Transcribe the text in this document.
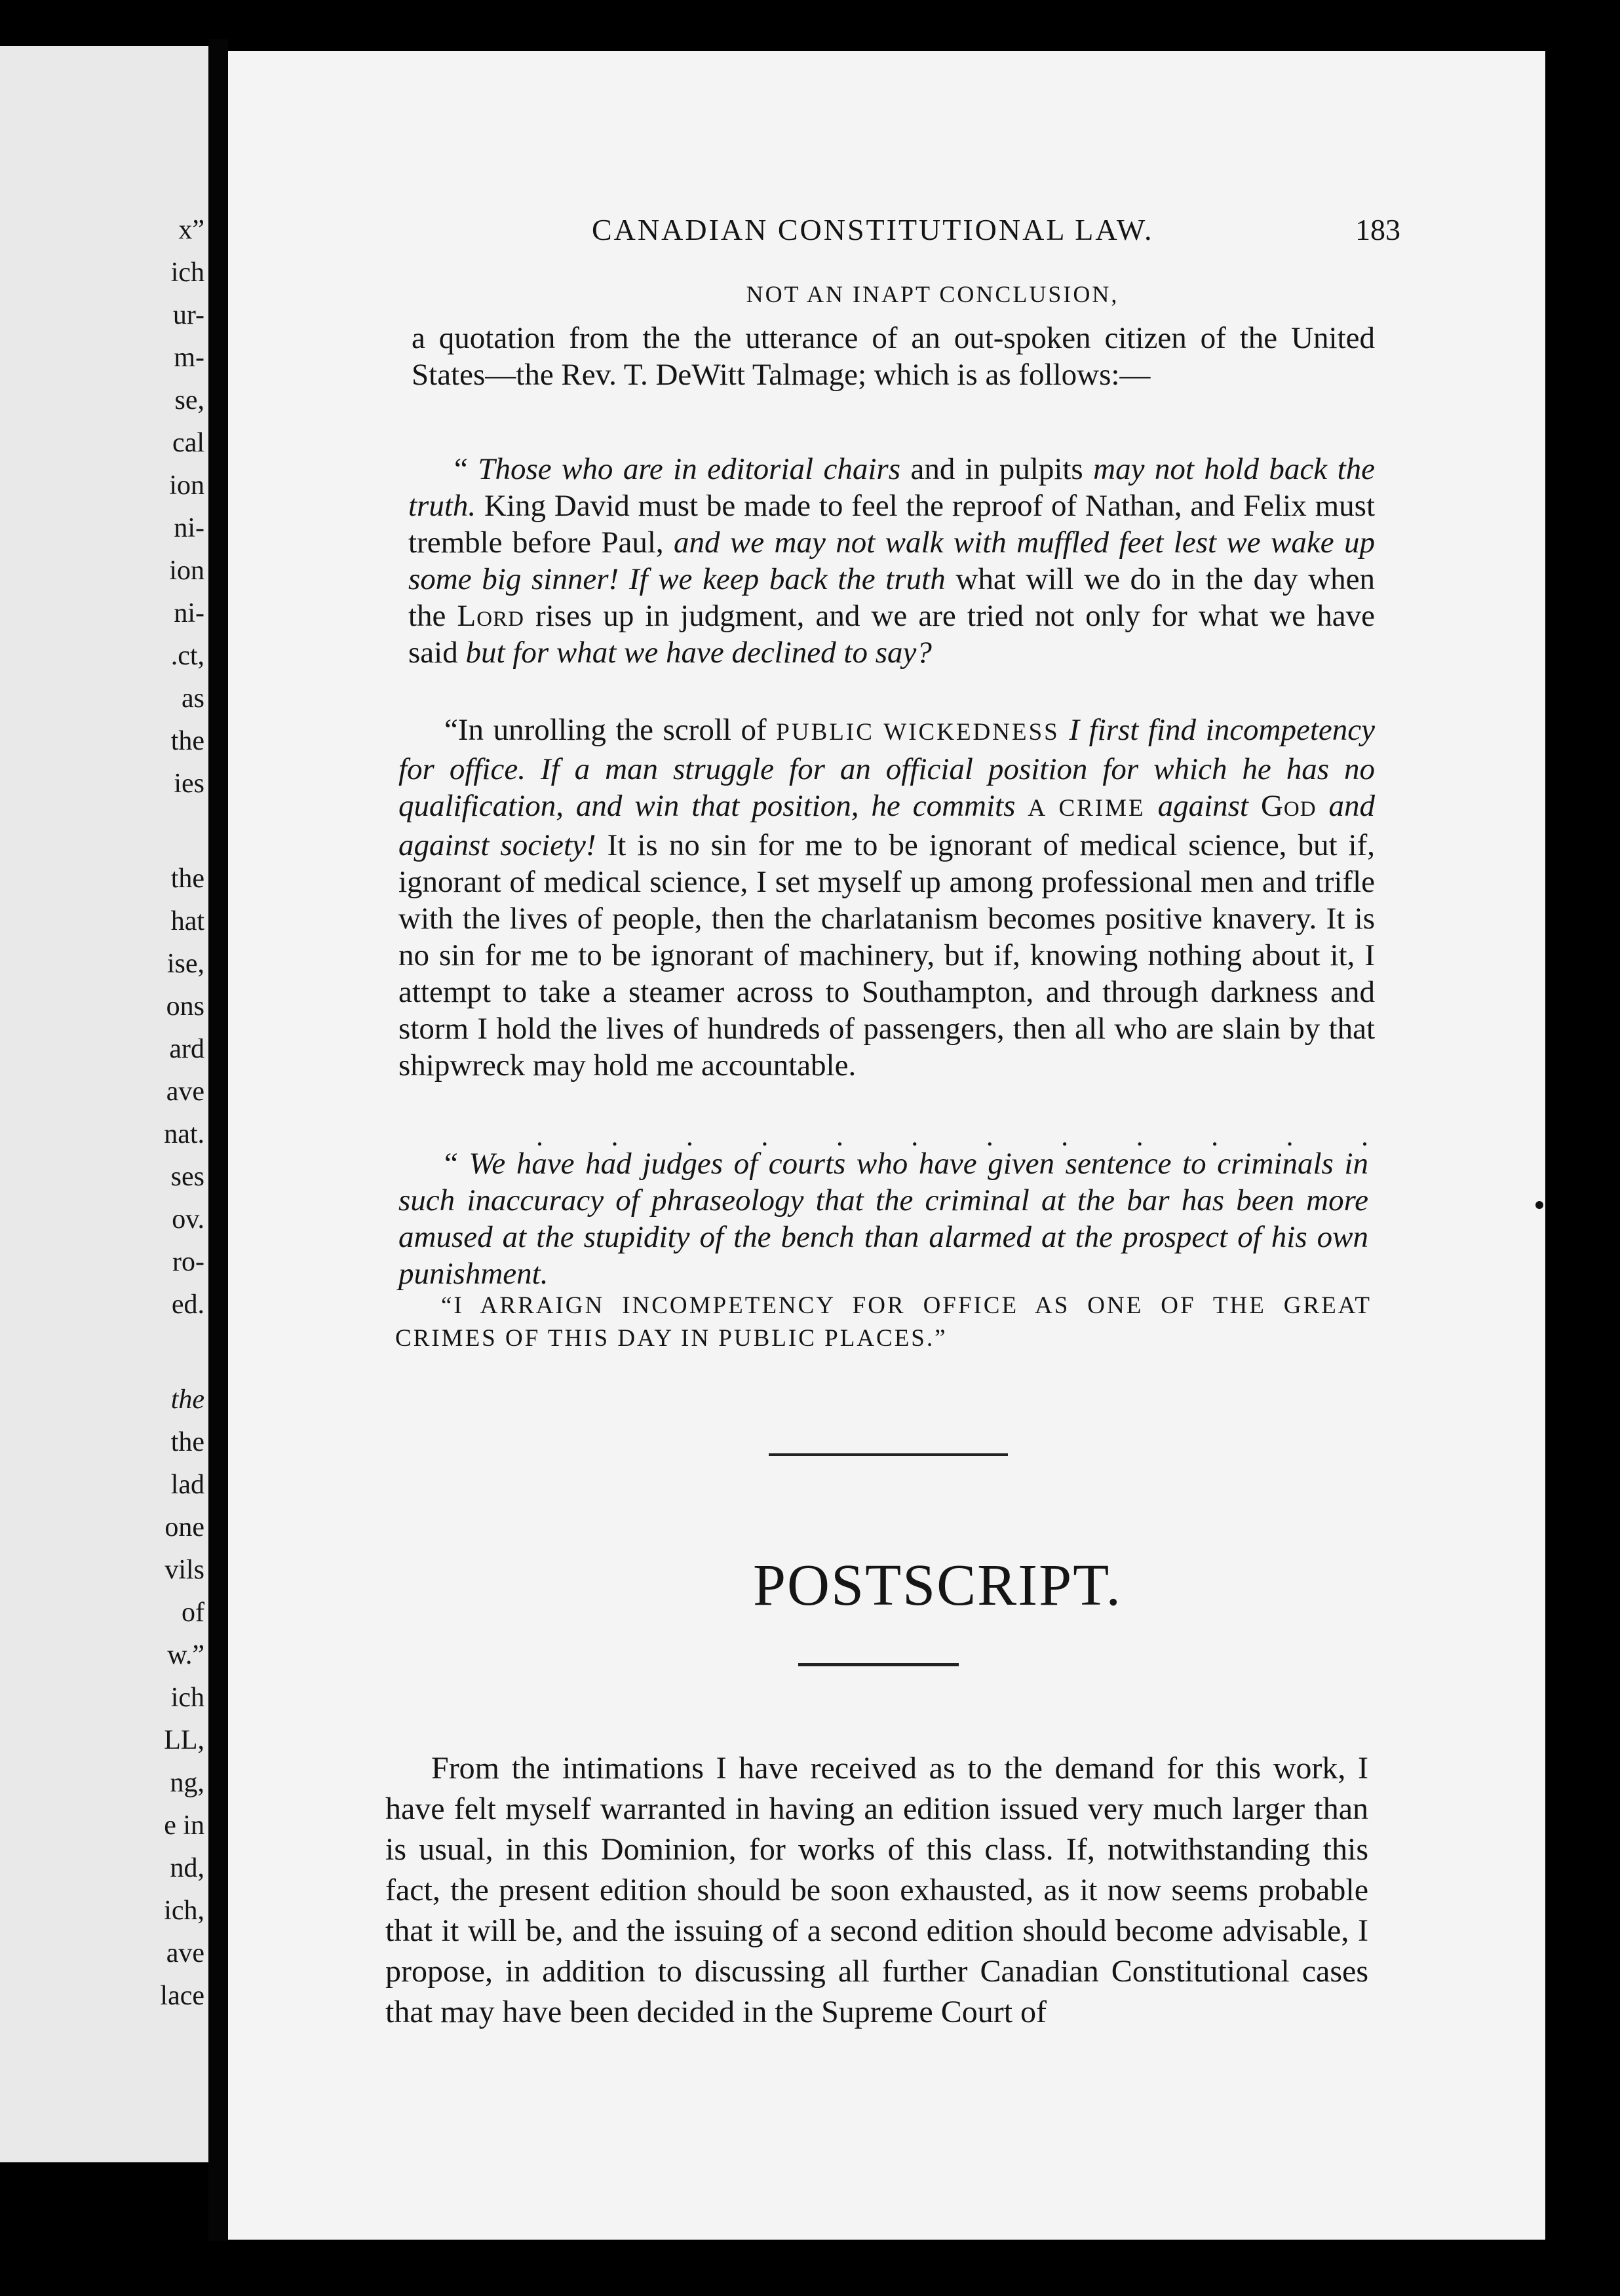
x”
ich
ur-
m-
se,
cal
ion
ni-
ion
ni-
.ct,
as
the
ies
the
hat
ise,
ons
ard
ave
nat.
ses
ov.
ro-
ed.
the
the
lad
one
vils
of
w.”
ich
LL,
ng,
e in
nd,
ich,
ave
lace
CANADIAN CONSTITUTIONAL LAW.	183
NOT AN INAPT CONCLUSION,

a quotation from the the utterance of an out-spoken citizen of the United States—the Rev. T. DeWitt Talmage; which is as follows:—

“ Those who are in editorial chairs and in pulpits may not hold back the truth. King David must be made to feel the reproof of Nathan, and Felix must tremble before Paul, and we may not walk with muffled feet lest we wake up some big sinner! If we keep back the truth what will we do in the day when the Lord rises up in judgment, and we are tried not only for what we have said but for what we have declined to say?

“In unrolling the scroll of PUBLIC WICKEDNESS I first find incompetency for office. If a man struggle for an official position for which he has no qualification, and win that position, he commits A CRIME against God and against society! It is no sin for me to be ignorant of medical science, but if, ignorant of medical science, I set myself up among professional men and trifle with the lives of people, then the charlatanism becomes positive knavery. It is no sin for me to be ignorant of machinery, but if, knowing nothing about it, I attempt to take a steamer across to Southampton, and through darkness and storm I hold the lives of hundreds of passengers, then all who are slain by that shipwreck may hold me accountable.

. . . . . . . . . . . .

“ We have had judges of courts who have given sentence to criminals in such inaccuracy of phraseology that the criminal at the bar has been more amused at the stupidity of the bench than alarmed at the prospect of his own punishment.

“I ARRAIGN INCOMPETENCY FOR OFFICE AS ONE OF THE GREAT CRIMES OF THIS DAY IN PUBLIC PLACES.”

POSTSCRIPT.

From the intimations I have received as to the demand for this work, I have felt myself warranted in having an edition issued very much larger than is usual, in this Dominion, for works of this class. If, notwithstanding this fact, the present edition should be soon exhausted, as it now seems probable that it will be, and the issuing of a second edition should become advisable, I propose, in addition to discussing all further Canadian Constitutional cases that may have been decided in the Supreme Court of
